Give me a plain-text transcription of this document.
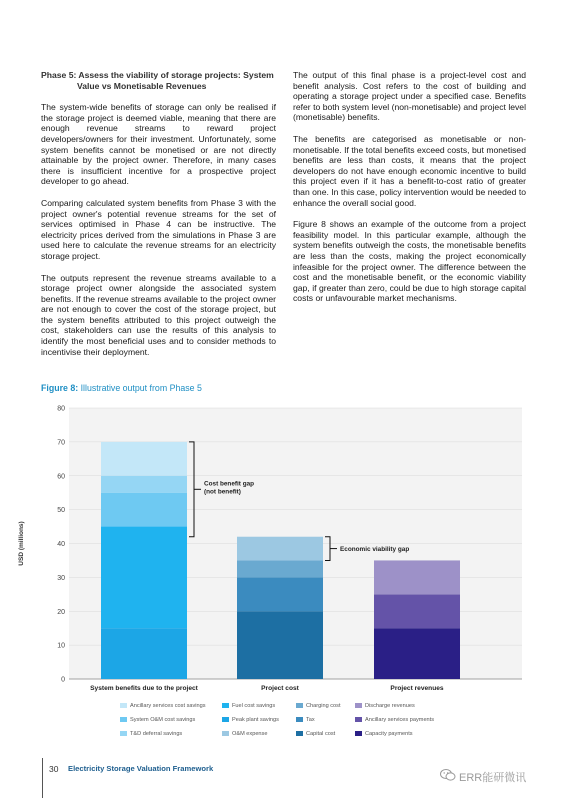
Phase 5: Assess the viability of storage projects: System
Value vs Monetisable Revenues

The system-wide benefits of storage can only be realised if the storage project is deemed viable, meaning that there are enough revenue streams to reward project developers/owners for their investment. Unfortunately, some system benefits cannot be monetised or are not directly attainable by the project owner. Therefore, in many cases there is insufficient incentive for a prospective project developer to go ahead.

Comparing calculated system benefits from Phase 3 with the project owner's potential revenue streams for the set of services optimised in Phase 4 can be instructive. The electricity prices derived from the simulations in Phase 3 are used here to calculate the revenue streams for an electricity storage project.

The outputs represent the revenue streams available to a storage project owner alongside the associated system benefits. If the revenue streams available to the project owner are not enough to cover the cost of the storage project, but the system benefits attributed to this project outweigh the cost, stakeholders can use the results of this analysis to identify the most beneficial uses and to consider methods to incentivise their deployment.

The output of this final phase is a project-level cost and benefit analysis. Cost refers to the cost of building and operating a storage project under a specified case. Benefits refer to both system level (non-monetisable) and project level (monetisable) benefits.

The benefits are categorised as monetisable or non-monetisable. If the total benefits exceed costs, but monetised benefits are less than costs, it means that the project developers do not have enough economic incentive to build this project even if it has a benefit-to-cost ratio of greater than one. In this case, policy intervention would be needed to enhance the overall social good.

Figure 8 shows an example of the outcome from a project feasibility model. In this particular example, although the system benefits outweigh the costs, the monetisable benefits are less than the costs, making the project economically infeasible for the project owner. The difference between the cost and the monetisable benefit, or the economic viability gap, if greater than zero, could be due to high storage capital costs or unfavourable market mechanisms.

Figure 8: Illustrative output from Phase 5
0
10
20
30
40
50
60
70
80
USD (millions)
System benefits due to the project	Project cost	Project revenues
Cost benefit gap
(not benefit)
Economic viability gap
Ancillary services cost savings	Fuel cost savings	Charging cost	Discharge revenues
System O&M cost savings	Peak plant savings	Tax	Ancillary services payments
T&D deferral savings	O&M expense	Capital cost	Capacity payments
30 Electricity Storage Valuation Framework
ERR能研微讯
